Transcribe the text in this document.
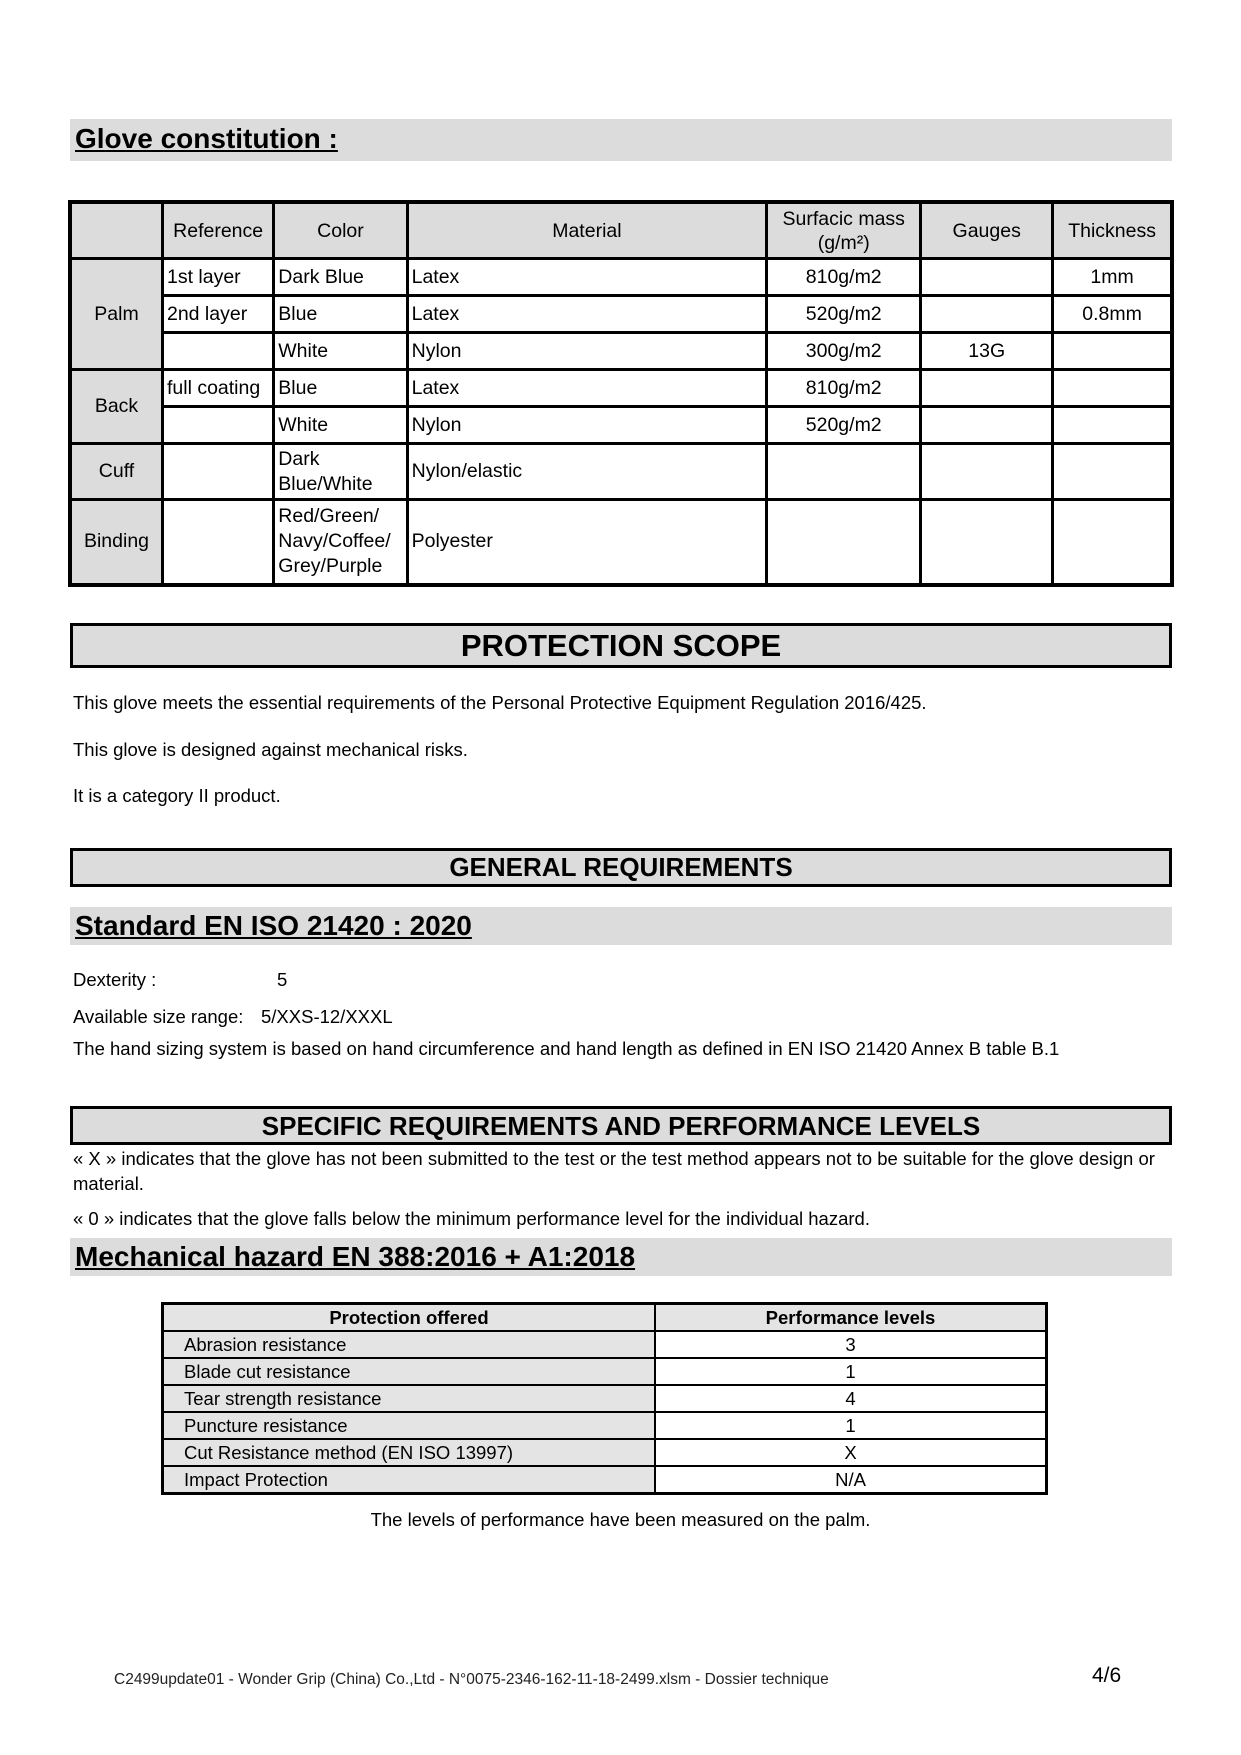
Glove constitution :
	Reference	Color	Material	Surfacic mass (g/m²)	Gauges	Thickness
Palm	1st layer	Dark Blue	Latex	810g/m2		1mm
	2nd layer	Blue	Latex	520g/m2		0.8mm
		White	Nylon	300g/m2	13G	
Back	full coating	Blue	Latex	810g/m2		
		White	Nylon	520g/m2		
Cuff		Dark Blue/White	Nylon/elastic			
Binding		Red/Green/ Navy/Coffee/ Grey/Purple	Polyester			
PROTECTION SCOPE
This glove meets the essential requirements of the Personal Protective Equipment Regulation 2016/425.
This glove is designed against mechanical risks.
It is a category II product.
GENERAL REQUIREMENTS
Standard EN ISO 21420 : 2020
Dexterity :	5
Available size range: 5/XXS-12/XXXL
The hand sizing system is based on hand circumference and hand length as defined in EN ISO 21420 Annex B table B.1
SPECIFIC REQUIREMENTS AND PERFORMANCE LEVELS
« X » indicates that the glove has not been submitted to the test or the test method appears not to be suitable for the glove design or material.
« 0 » indicates that the glove falls below the minimum performance level for the individual hazard.
Mechanical hazard EN 388:2016 + A1:2018
Protection offered	Performance levels
Abrasion resistance	3
Blade cut resistance	1
Tear strength resistance	4
Puncture resistance	1
Cut Resistance method (EN ISO 13997)	X
Impact Protection	N/A
The levels of performance have been measured on the palm.
C2499update01 - Wonder Grip (China) Co.,Ltd - N°0075-2346-162-11-18-2499.xlsm - Dossier technique	4/6
